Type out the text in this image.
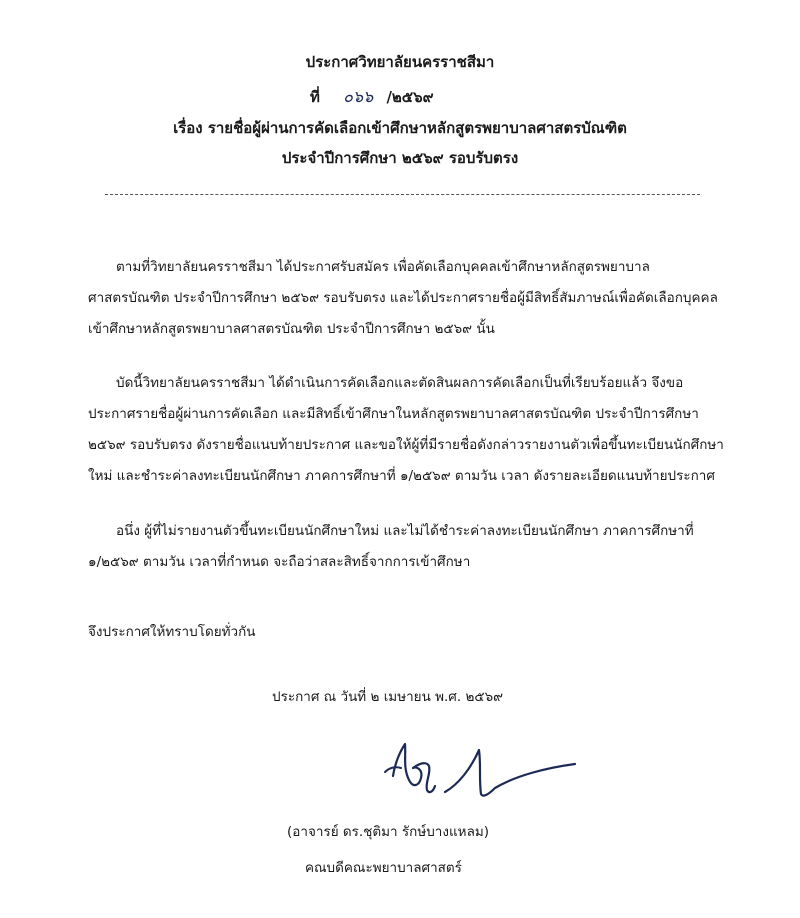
ประกาศวิทยาลัยนครราชสีมา
ที่ ๐๖๖ /๒๕๖๙
เรื่อง รายชื่อผู้ผ่านการคัดเลือกเข้าศึกษาหลักสูตรพยาบาลศาสตรบัณฑิต
ประจำปีการศึกษา ๒๕๖๙ รอบรับตรง

ตามที่วิทยาลัยนครราชสีมา ได้ประกาศรับสมัคร เพื่อคัดเลือกบุคคลเข้าศึกษาหลักสูตรพยาบาล
ศาสตรบัณฑิต ประจำปีการศึกษา ๒๕๖๙ รอบรับตรง และได้ประกาศรายชื่อผู้มีสิทธิ์สัมภาษณ์เพื่อคัดเลือกบุคคล
เข้าศึกษาหลักสูตรพยาบาลศาสตรบัณฑิต ประจำปีการศึกษา ๒๕๖๙ นั้น

บัดนี้วิทยาลัยนครราชสีมา ได้ดำเนินการคัดเลือกและตัดสินผลการคัดเลือกเป็นที่เรียบร้อยแล้ว จึงขอ
ประกาศรายชื่อผู้ผ่านการคัดเลือก และมีสิทธิ์เข้าศึกษาในหลักสูตรพยาบาลศาสตรบัณฑิต ประจำปีการศึกษา
๒๕๖๙ รอบรับตรง ดังรายชื่อแนบท้ายประกาศ และขอให้ผู้ที่มีรายชื่อดังกล่าวรายงานตัวเพื่อขึ้นทะเบียนนักศึกษา
ใหม่ และชำระค่าลงทะเบียนนักศึกษา ภาคการศึกษาที่ ๑/๒๕๖๙ ตามวัน เวลา ดังรายละเอียดแนบท้ายประกาศ

อนึ่ง ผู้ที่ไม่รายงานตัวขึ้นทะเบียนนักศึกษาใหม่ และไม่ได้ชำระค่าลงทะเบียนนักศึกษา ภาคการศึกษาที่
๑/๒๕๖๙ ตามวัน เวลาที่กำหนด จะถือว่าสละสิทธิ์จากการเข้าศึกษา

จึงประกาศให้ทราบโดยทั่วกัน
ประกาศ ณ วันที่ ๒ เมษายน พ.ศ. ๒๕๖๙
(อาจารย์ ดร.ชุติมา รักษ์บางแหลม)
คณบดีคณะพยาบาลศาสตร์
